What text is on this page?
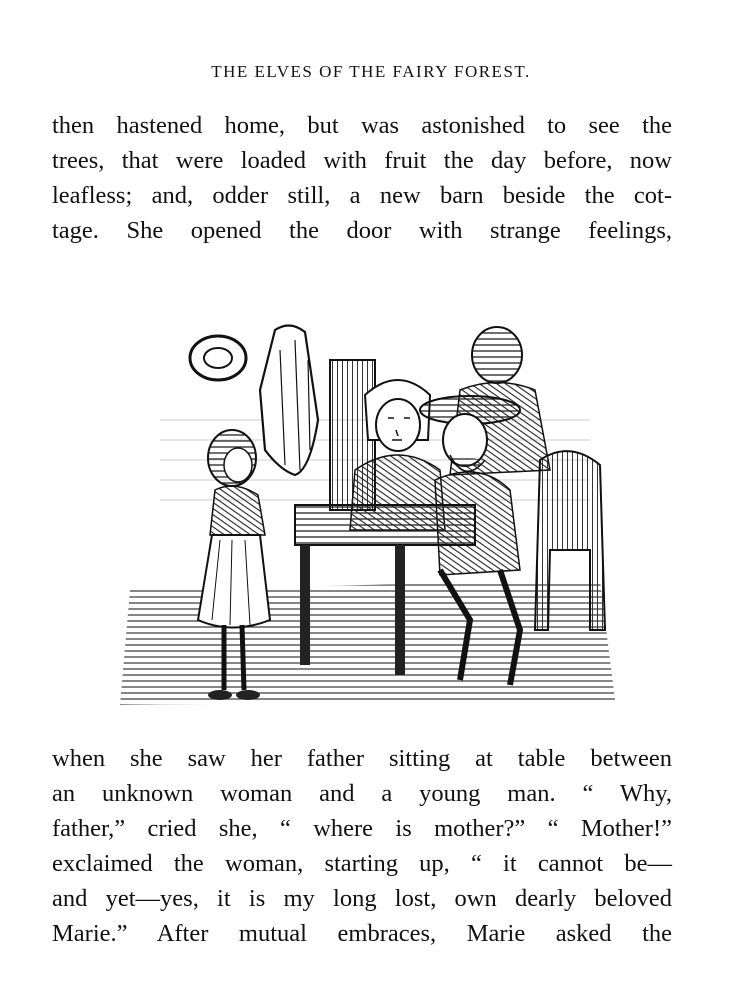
THE ELVES OF THE FAIRY FOREST.
then hastened home, but was astonished to see the
trees, that were loaded with fruit the day before, now
leafless; and, odder still, a new barn beside the cot-
tage. She opened the door with strange feelings,
when she saw her father sitting at table between
an unknown woman and a young man. “ Why,
father,” cried she, “ where is mother?” “ Mother!”
exclaimed the woman, starting up, “ it cannot be—
and yet—yes, it is my long lost, own dearly beloved
Marie.” After mutual embraces, Marie asked the
